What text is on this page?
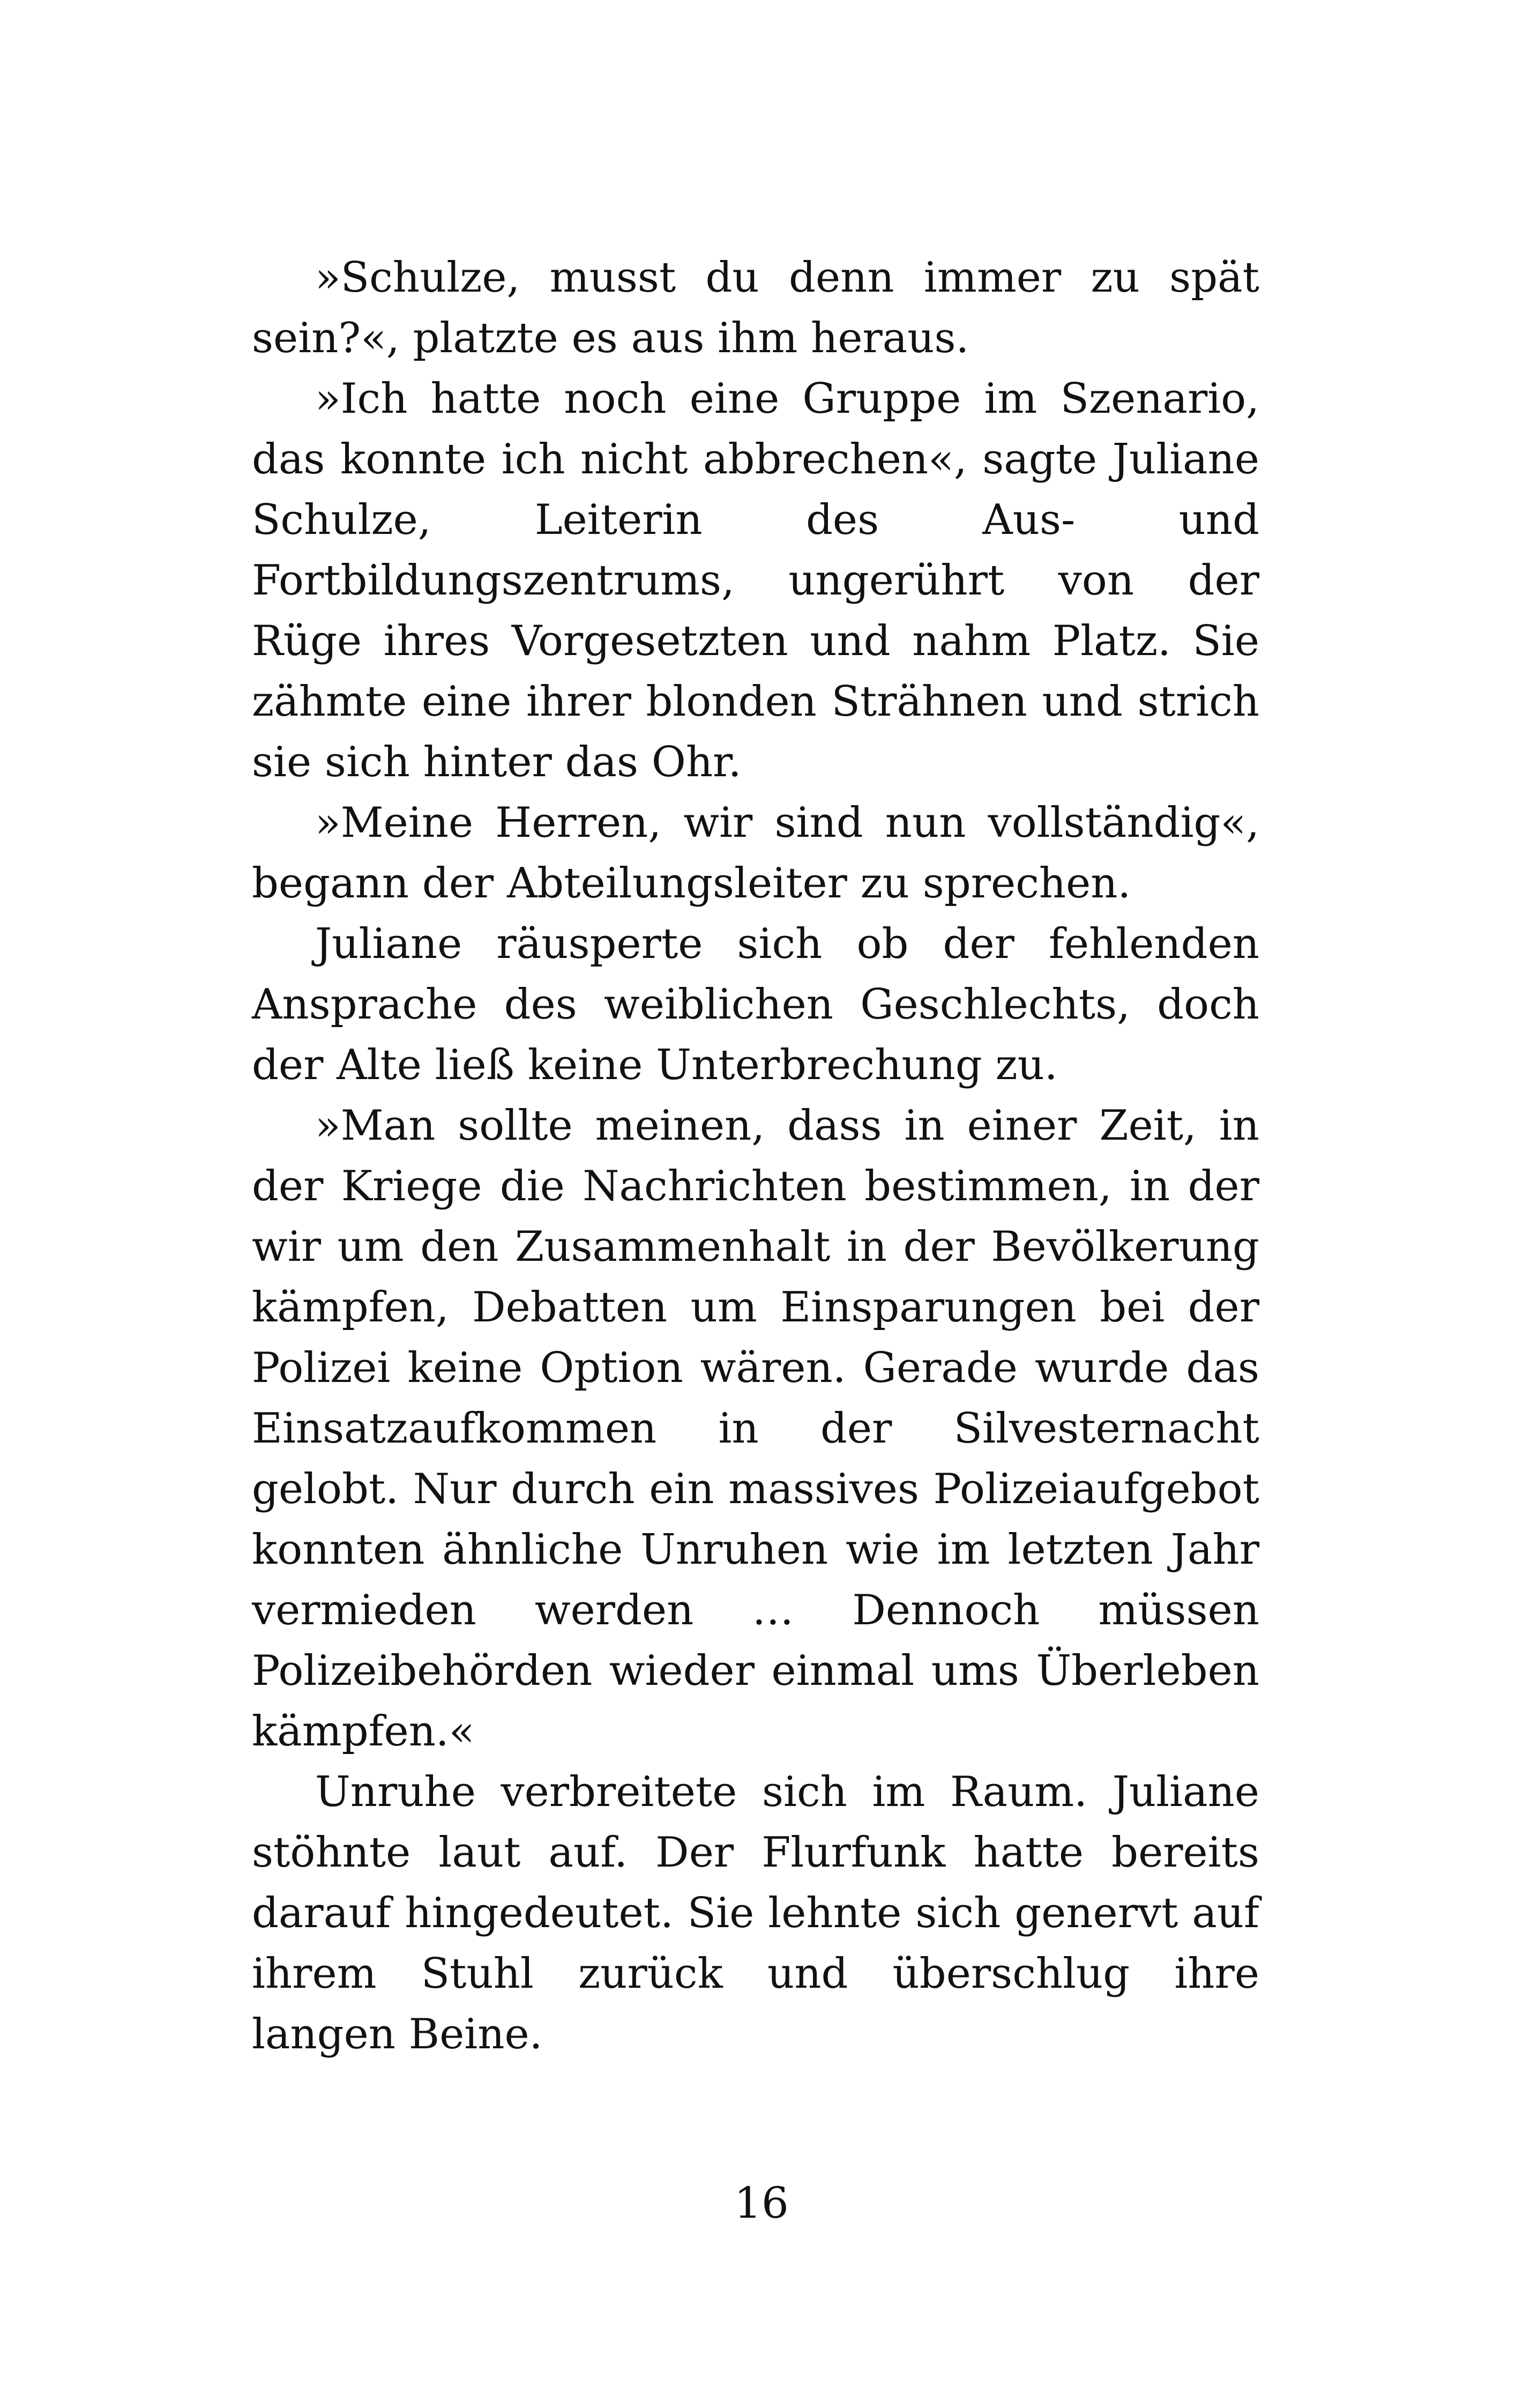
»Schulze, musst du denn immer zu spät sein?«, platzte es aus ihm heraus.

»Ich hatte noch eine Gruppe im Szenario, das konnte ich nicht abbrechen«, sagte Juliane Schulze, Leiterin des Aus- und Fortbildungszentrums, ungerührt von der Rüge ihres Vorgesetzten und nahm Platz. Sie zähmte eine ihrer blonden Strähnen und strich sie sich hinter das Ohr.

»Meine Herren, wir sind nun vollständig«, begann der Abteilungsleiter zu sprechen.

Juliane räusperte sich ob der fehlenden Ansprache des weiblichen Geschlechts, doch der Alte ließ keine Unterbrechung zu.

»Man sollte meinen, dass in einer Zeit, in der Kriege die Nachrichten bestimmen, in der wir um den Zusammenhalt in der Bevölkerung kämpfen, Debatten um Einsparungen bei der Polizei keine Option wären. Gerade wurde das Einsatzaufkommen in der Silvesternacht gelobt. Nur durch ein massives Polizeiaufgebot konnten ähnliche Unruhen wie im letzten Jahr vermieden werden … Dennoch müssen Polizeibehörden wieder einmal ums Überleben kämpfen.«

Unruhe verbreitete sich im Raum. Juliane stöhnte laut auf. Der Flurfunk hatte bereits darauf hingedeutet. Sie lehnte sich genervt auf ihrem Stuhl zurück und überschlug ihre langen Beine.

16
